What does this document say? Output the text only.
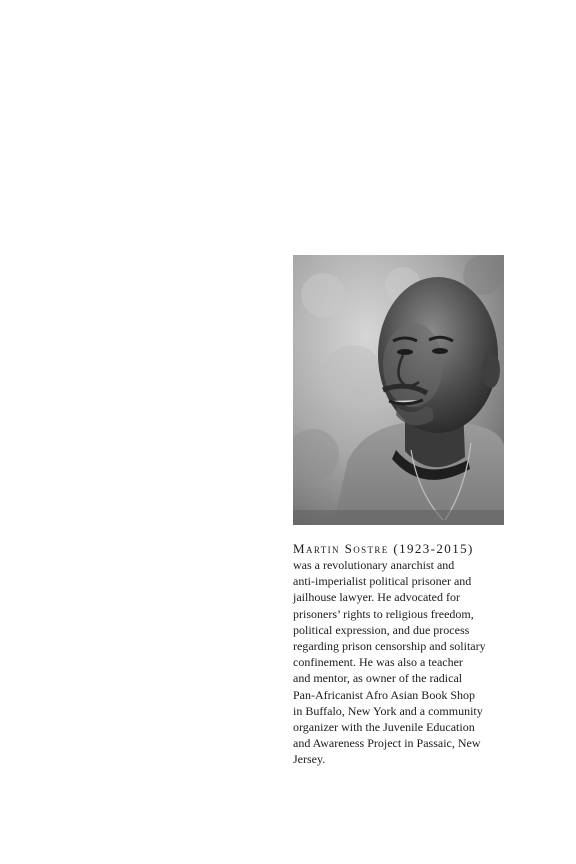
Martin Sostre (1923-2015)
was a revolutionary anarchist and
anti-imperialist political prisoner and
jailhouse lawyer. He advocated for
prisoners’ rights to religious freedom,
political expression, and due process
regarding prison censorship and solitary
confinement. He was also a teacher
and mentor, as owner of the radical
Pan-Africanist Afro Asian Book Shop
in Buffalo, New York and a community
organizer with the Juvenile Education
and Awareness Project in Passaic, New
Jersey.
